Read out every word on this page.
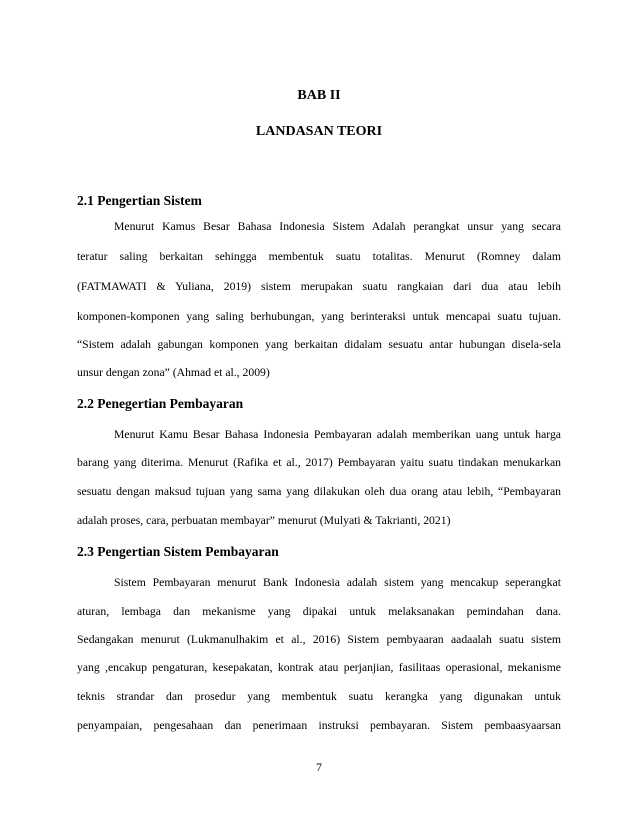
BAB II
LANDASAN TEORI
2.1 Pengertian Sistem
Menurut Kamus Besar Bahasa Indonesia Sistem Adalah perangkat unsur yang secara
teratur saling berkaitan sehingga membentuk suatu totalitas. Menurut (Romney dalam
(FATMAWATI & Yuliana, 2019) sistem merupakan suatu rangkaian dari dua atau lebih
komponen-komponen yang saling berhubungan, yang berinteraksi untuk mencapai suatu tujuan.
“Sistem adalah gabungan komponen yang berkaitan didalam sesuatu antar hubungan disela-sela
unsur dengan zona” (Ahmad et al., 2009)
2.2 Penegertian Pembayaran
Menurut Kamu Besar Bahasa Indonesia Pembayaran adalah memberikan uang untuk harga
barang yang diterima. Menurut (Rafika et al., 2017) Pembayaran yaitu suatu tindakan menukarkan
sesuatu dengan maksud tujuan yang sama yang dilakukan oleh dua orang atau lebih, “Pembayaran
adalah proses, cara, perbuatan membayar” menurut (Mulyati & Takrianti, 2021)
2.3 Pengertian Sistem Pembayaran
Sistem Pembayaran menurut Bank Indonesia adalah sistem yang mencakup seperangkat
aturan, lembaga dan mekanisme yang dipakai untuk melaksanakan pemindahan dana.
Sedangakan menurut (Lukmanulhakim et al., 2016) Sistem pembyaaran aadaalah suatu sistem
yang ,encakup pengaturan, kesepakatan, kontrak atau perjanjian, fasilitaas operasional, mekanisme
teknis strandar dan prosedur yang membentuk suatu kerangka yang digunakan untuk
penyampaian, pengesahaan dan penerimaan instruksi pembayaran. Sistem pembaasyaarsan
7
